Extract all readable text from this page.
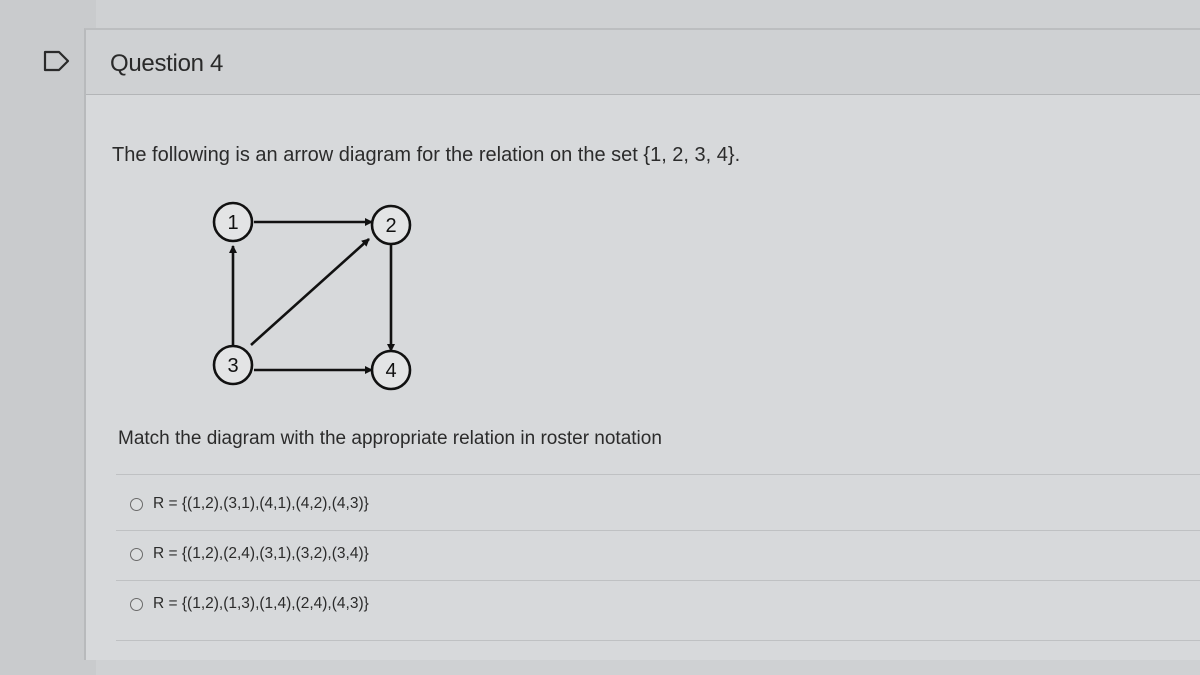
Question 4
The following is an arrow diagram for the relation on the set {1, 2, 3, 4}.
1	2
3	4
Match the diagram with the appropriate relation in roster notation
R = {(1,2),(3,1),(4,1),(4,2),(4,3)}
R = {(1,2),(2,4),(3,1),(3,2),(3,4)}
R = {(1,2),(1,3),(1,4),(2,4),(4,3)}
